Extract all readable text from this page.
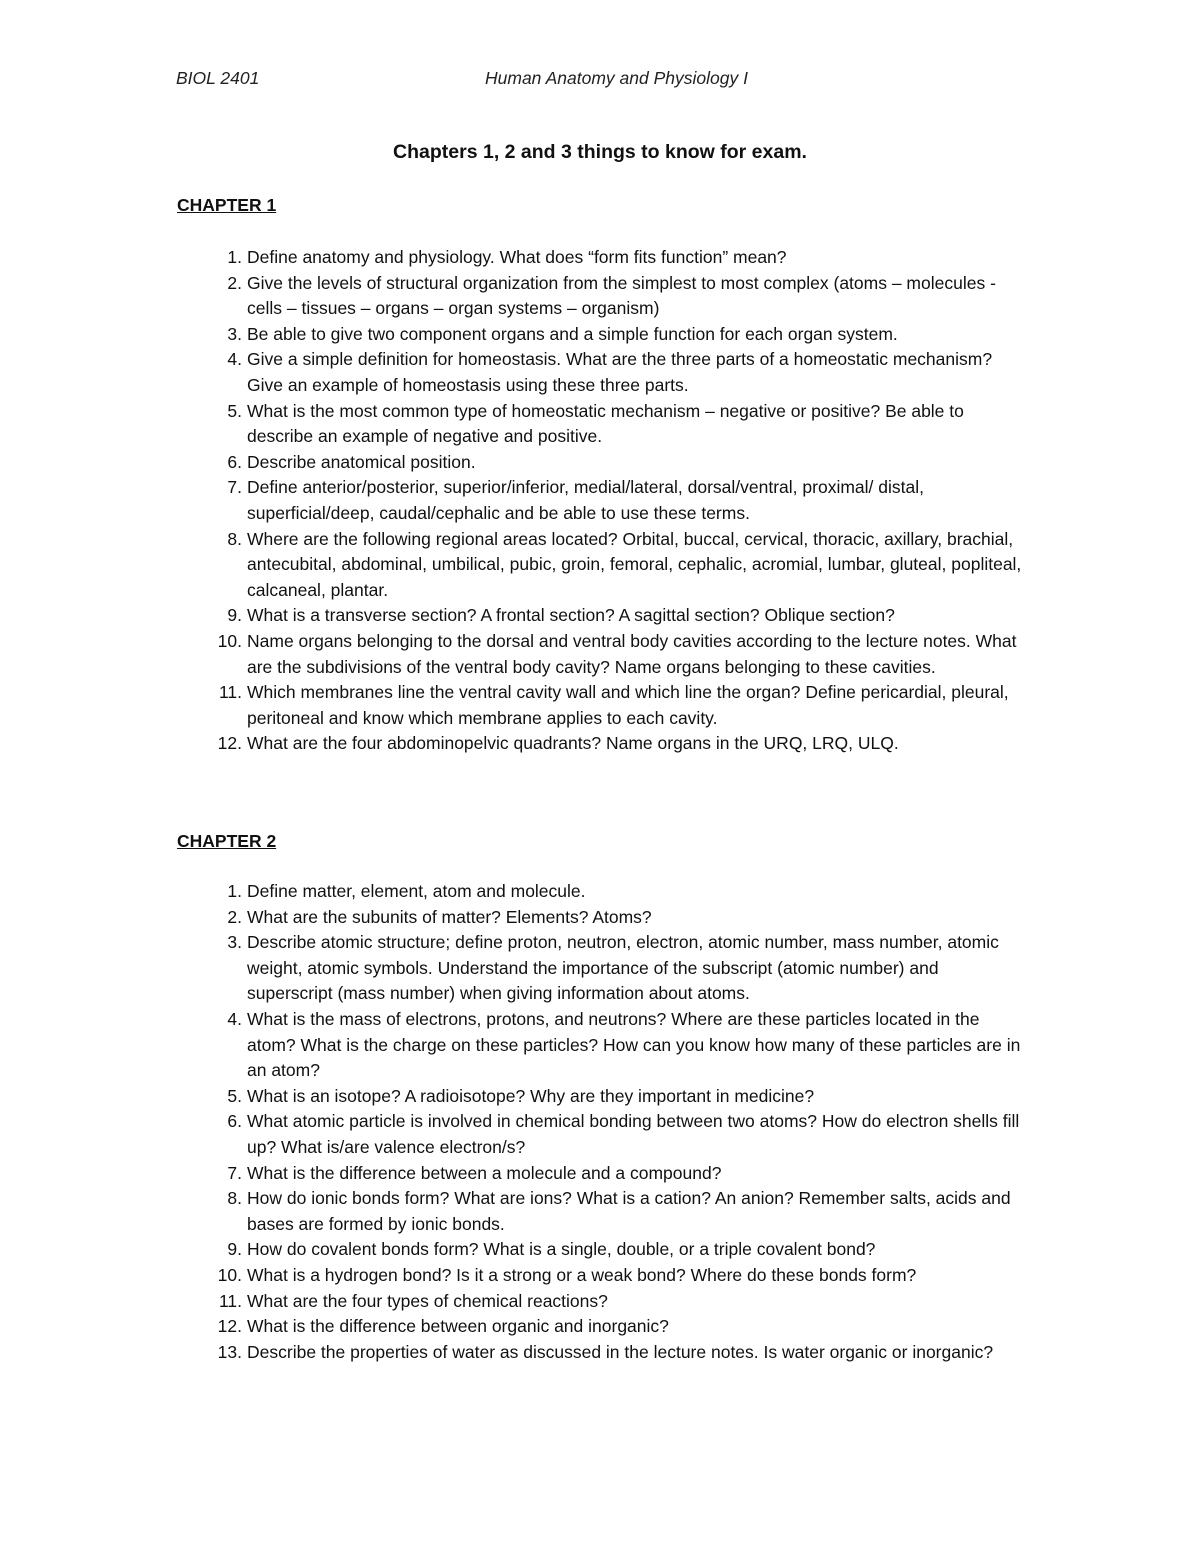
BIOL 2401	Human Anatomy and Physiology I
Chapters 1, 2 and 3 things to know for exam.
CHAPTER 1
1. Define anatomy and physiology. What does “form fits function” mean?
2. Give the levels of structural organization from the simplest to most complex (atoms – molecules - cells – tissues – organs – organ systems – organism)
3. Be able to give two component organs and a simple function for each organ system.
4. Give a simple definition for homeostasis. What are the three parts of a homeostatic mechanism? Give an example of homeostasis using these three parts.
5. What is the most common type of homeostatic mechanism – negative or positive? Be able to describe an example of negative and positive.
6. Describe anatomical position.
7. Define anterior/posterior, superior/inferior, medial/lateral, dorsal/ventral, proximal/ distal, superficial/deep, caudal/cephalic and be able to use these terms.
8. Where are the following regional areas located? Orbital, buccal, cervical, thoracic, axillary, brachial, antecubital, abdominal, umbilical, pubic, groin, femoral, cephalic, acromial, lumbar, gluteal, popliteal, calcaneal, plantar.
9. What is a transverse section? A frontal section? A sagittal section? Oblique section?
10. Name organs belonging to the dorsal and ventral body cavities according to the lecture notes. What are the subdivisions of the ventral body cavity? Name organs belonging to these cavities.
11. Which membranes line the ventral cavity wall and which line the organ? Define pericardial, pleural, peritoneal and know which membrane applies to each cavity.
12. What are the four abdominopelvic quadrants? Name organs in the URQ, LRQ, ULQ.
CHAPTER 2
1. Define matter, element, atom and molecule.
2. What are the subunits of matter? Elements? Atoms?
3. Describe atomic structure; define proton, neutron, electron, atomic number, mass number, atomic weight, atomic symbols. Understand the importance of the subscript (atomic number) and superscript (mass number) when giving information about atoms.
4. What is the mass of electrons, protons, and neutrons? Where are these particles located in the atom? What is the charge on these particles? How can you know how many of these particles are in an atom?
5. What is an isotope? A radioisotope? Why are they important in medicine?
6. What atomic particle is involved in chemical bonding between two atoms? How do electron shells fill up? What is/are valence electron/s?
7. What is the difference between a molecule and a compound?
8. How do ionic bonds form? What are ions? What is a cation? An anion? Remember salts, acids and bases are formed by ionic bonds.
9. How do covalent bonds form? What is a single, double, or a triple covalent bond?
10. What is a hydrogen bond? Is it a strong or a weak bond? Where do these bonds form?
11. What are the four types of chemical reactions?
12. What is the difference between organic and inorganic?
13. Describe the properties of water as discussed in the lecture notes. Is water organic or inorganic?
